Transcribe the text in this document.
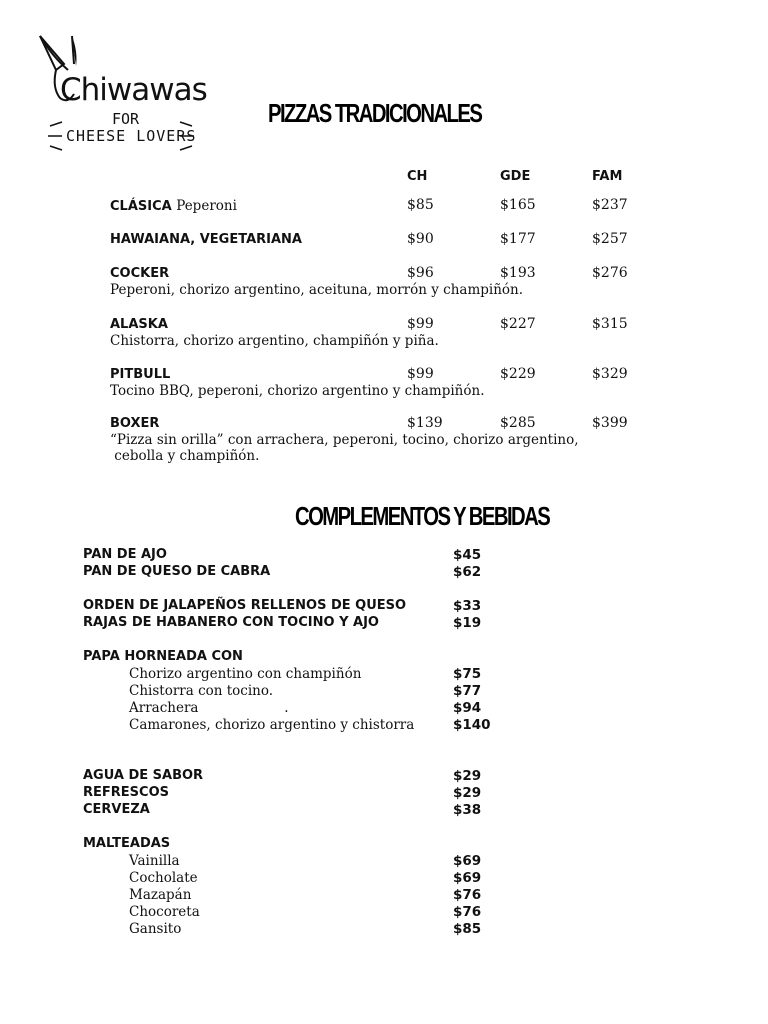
Chiwawas
FOR
CHEESE LOVERS
PIZZAS TRADICIONALES
CH	GDE	FAM
CLÁSICA Peperoni	$85	$165	$237
HAWAIANA, VEGETARIANA	$90	$177	$257
COCKER	$96	$193	$276
Peperoni, chorizo argentino, aceituna, morrón y champiñón.
ALASKA	$99	$227	$315
Chistorra, chorizo argentino, champiñón y piña.
PITBULL	$99	$229	$329
Tocino BBQ, peperoni, chorizo argentino y champiñón.
BOXER	$139	$285	$399
“Pizza sin orilla” con arrachera, peperoni, tocino, chorizo argentino,
cebolla y champiñón.
COMPLEMENTOS Y BEBIDAS
PAN DE AJO	$45
PAN DE QUESO DE CABRA	$62
ORDEN DE JALAPEÑOS RELLENOS DE QUESO	$33
RAJAS DE HABANERO CON TOCINO Y AJO	$19
PAPA HORNEADA CON
Chorizo argentino con champiñón	$75
Chistorra con tocino.	$77
Arrachera                    .	$94
Camarones, chorizo argentino y chistorra	$140
AGUA DE SABOR	$29
REFRESCOS	$29
CERVEZA	$38
MALTEADAS
Vainilla	$69
Cocholate	$69
Mazapán	$76
Chocoreta	$76
Gansito	$85
